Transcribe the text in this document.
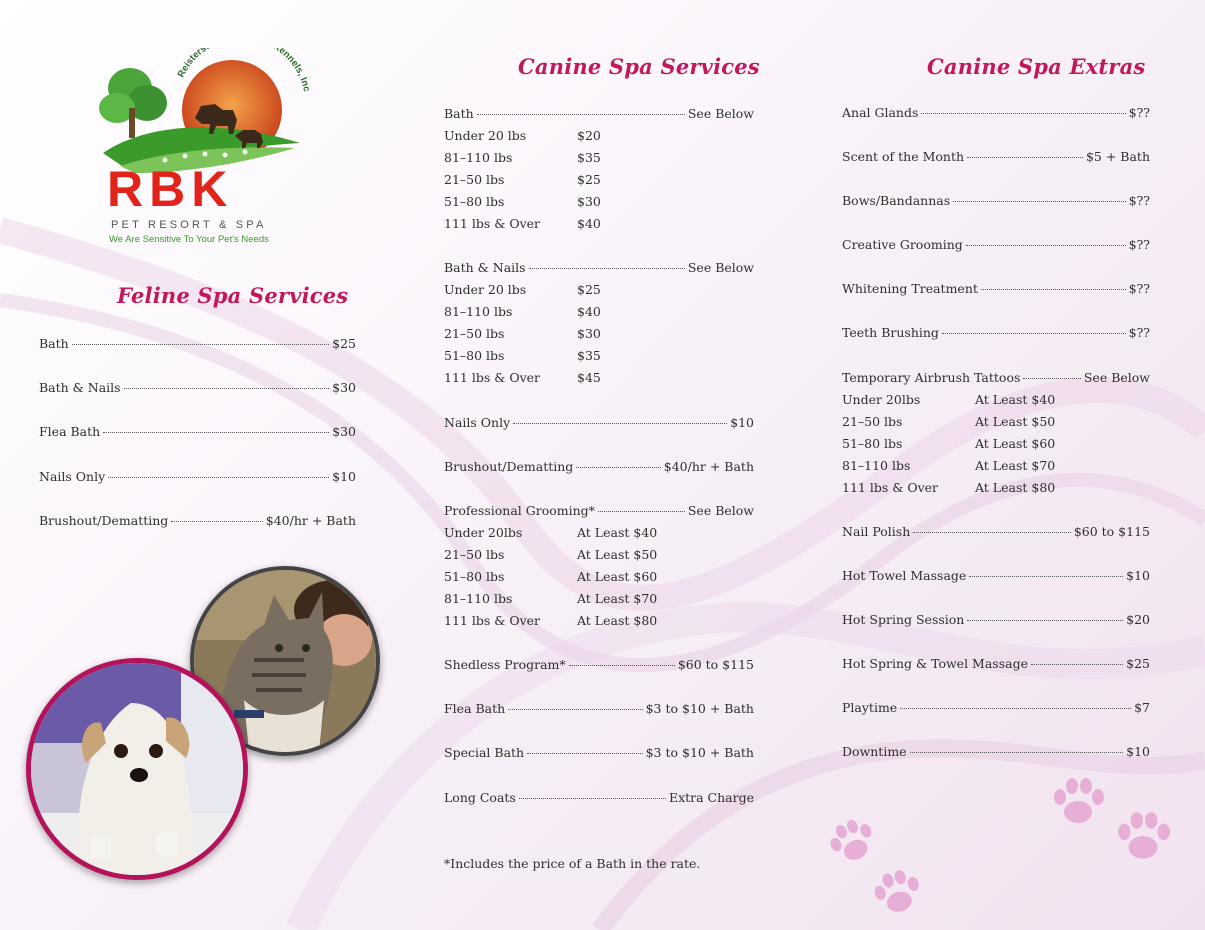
RBK
PET RESORT & SPA
We Are Sensitive To Your Pet's Needs
Reisters ennels, Inc
Feline Spa Services
Bath	$25
Bath & Nails	$30
Flea Bath	$30
Nails Only	$10
Brushout/Dematting	$40/hr + Bath
Canine Spa Services
Bath	See Below
Under 20 lbs	$20
81–110 lbs	$35
21–50 lbs	$25
51–80 lbs	$30
111 lbs & Over	$40
Bath & Nails	See Below
Under 20 lbs	$25
81–110 lbs	$40
21–50 lbs	$30
51–80 lbs	$35
111 lbs & Over	$45
Nails Only	$10
Brushout/Dematting	$40/hr + Bath
Professional Grooming*	See Below
Under 20lbs	At Least $40
21–50 lbs	At Least $50
51–80 lbs	At Least $60
81–110 lbs	At Least $70
111 lbs & Over	At Least $80
Shedless Program*	$60 to $115
Flea Bath	$3 to $10 + Bath
Special Bath	$3 to $10 + Bath
Long Coats	Extra Charge
*Includes the price of a Bath in the rate.
Canine Spa Extras
Anal Glands	$??
Scent of the Month	$5 + Bath
Bows/Bandannas	$??
Creative Grooming	$??
Whitening Treatment	$??
Teeth Brushing	$??
Temporary Airbrush Tattoos	See Below
Under 20lbs	At Least $40
21–50 lbs	At Least $50
51–80 lbs	At Least $60
81–110 lbs	At Least $70
111 lbs & Over	At Least $80
Nail Polish	$60 to $115
Hot Towel Massage	$10
Hot Spring Session	$20
Hot Spring & Towel Massage	$25
Playtime	$7
Downtime	$10
